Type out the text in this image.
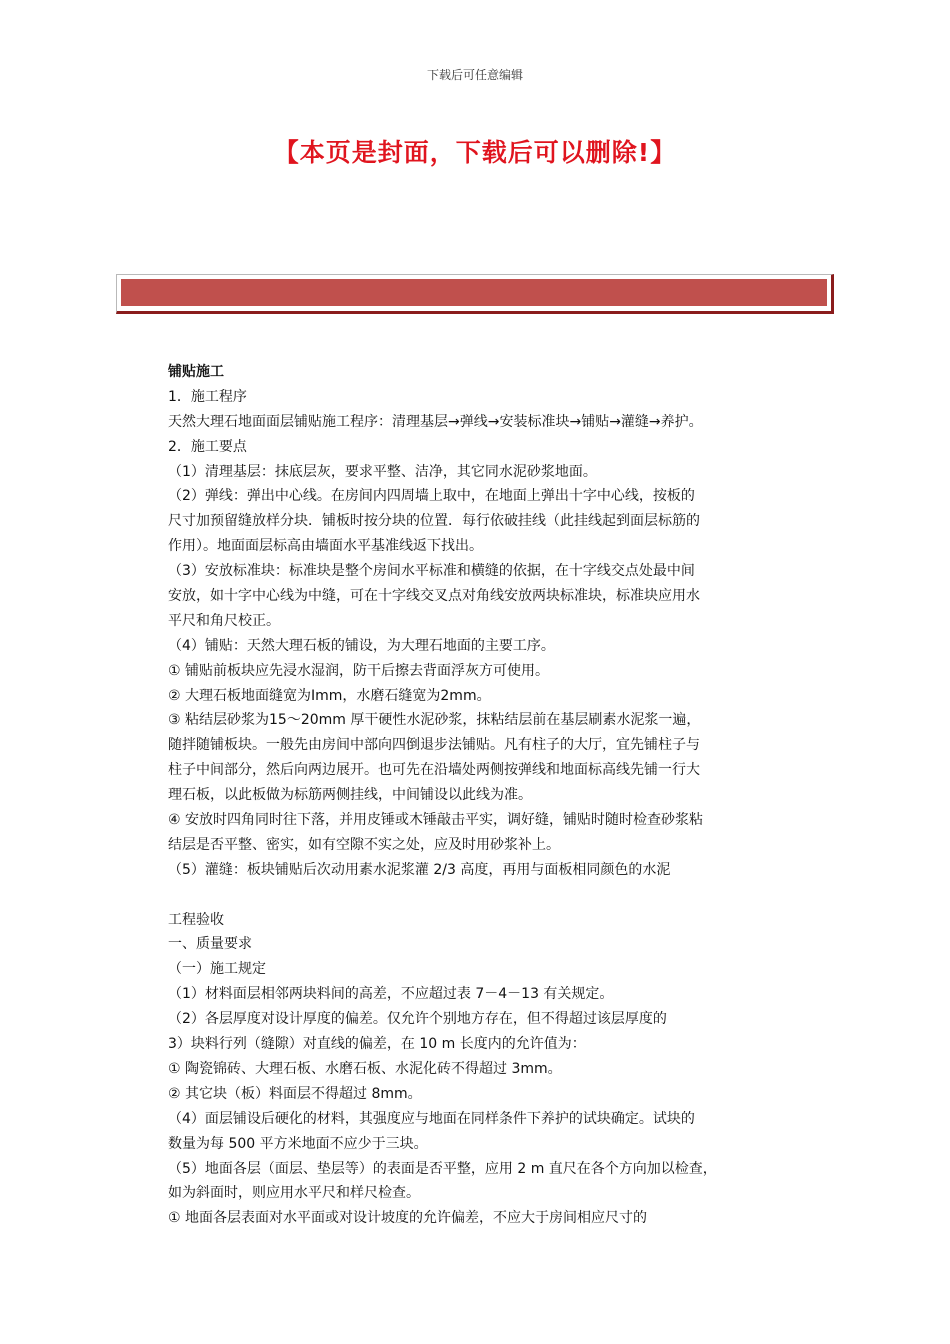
下载后可任意编辑
【本页是封面，下载后可以删除!】
铺贴施工
1．施工程序
天然大理石地面面层铺贴施工程序：清理基层→弹线→安装标准块→铺贴→灌缝→养护。
2．施工要点
（1）清理基层：抹底层灰，要求平整、洁净，其它同水泥砂浆地面。
（2）弹线：弹出中心线。在房间内四周墙上取中，在地面上弹出十字中心线，按板的
尺寸加预留缝放样分块．铺板时按分块的位置．每行依破挂线（此挂线起到面层标筋的
作用）。地面面层标高由墙面水平基准线返下找出。
（3）安放标准块：标准块是整个房间水平标准和横缝的依据，在十字线交点处最中间
安放，如十字中心线为中缝，可在十字线交叉点对角线安放两块标准块，标准块应用水
平尺和角尺校正。
（4）铺贴：天然大理石板的铺设，为大理石地面的主要工序。
① 铺贴前板块应先浸水湿润，防干后擦去背面浮灰方可使用。
② 大理石板地面缝宽为Imm，水磨石缝宽为2mm。
③ 粘结层砂浆为15～20mm 厚干硬性水泥砂浆，抹粘结层前在基层刷素水泥浆一遍，
随拌随铺板块。一般先由房间中部向四倒退步法铺贴。凡有柱子的大厅，宜先铺柱子与
柱子中间部分，然后向两边展开。也可先在沿墙处两侧按弹线和地面标高线先铺一行大
理石板，以此板做为标筋两侧挂线，中间铺设以此线为准。
④ 安放时四角同时往下落，并用皮锤或木锤敲击平实，调好缝，铺贴时随时检查砂浆粘
结层是否平整、密实，如有空隙不实之处，应及时用砂浆补上。
（5）灌缝：板块铺贴后次动用素水泥浆灌 2/3 高度，再用与面板相同颜色的水泥
工程验收
一、质量要求
（一）施工规定
（1）材料面层相邻两块料间的高差，不应超过表 7－4－13 有关规定。
（2）各层厚度对设计厚度的偏差。仅允许个别地方存在，但不得超过该层厚度的
3）块料行列（缝隙）对直线的偏差，在 10 m 长度内的允许值为：
① 陶瓷锦砖、大理石板、水磨石板、水泥化砖不得超过 3mm。
② 其它块（板）料面层不得超过 8mm。
（4）面层铺设后硬化的材料，其强度应与地面在同样条件下养护的试块确定。试块的
数量为每 500 平方米地面不应少于三块。
（5）地面各层（面层、垫层等）的表面是否平整，应用 2 m 直尺在各个方向加以检查，
如为斜面时，则应用水平尺和样尺检查。
① 地面各层表面对水平面或对设计坡度的允许偏差，不应大于房间相应尺寸的
